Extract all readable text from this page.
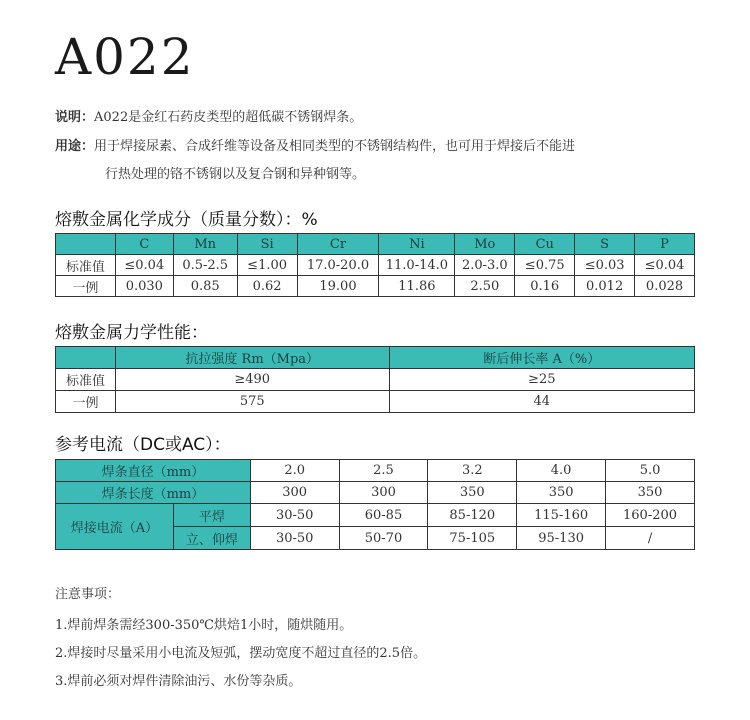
A022
说明：A022是金红石药皮类型的超低碳不锈钢焊条。
用途：用于焊接尿素、合成纤维等设备及相同类型的不锈钢结构件，也可用于焊接后不能进
行热处理的铬不锈钢以及复合钢和异种钢等。
熔敷金属化学成分（质量分数）：%
	C	Mn	Si	Cr	Ni	Mo	Cu	S	P
标准值	≤0.04	0.5-2.5	≤1.00	17.0-20.0	11.0-14.0	2.0-3.0	≤0.75	≤0.03	≤0.04
一例	0.030	0.85	0.62	19.00	11.86	2.50	0.16	0.012	0.028
熔敷金属力学性能：
	抗拉强度 Rm（Mpa）	断后伸长率 A（%）
标准值	≥490	≥25
一例	575	44
参考电流（DC或AC）：
焊条直径（mm）		2.0	2.5	3.2	4.0	5.0
焊条长度（mm）		300	300	350	350	350
焊接电流（A）	平焊	30-50	60-85	85-120	115-160	160-200
	立、仰焊	30-50	50-70	75-105	95-130	/
注意事项：
1.焊前焊条需经300-350℃烘焙1小时，随烘随用。
2.焊接时尽量采用小电流及短弧，摆动宽度不超过直径的2.5倍。
3.焊前必须对焊件清除油污、水份等杂质。
